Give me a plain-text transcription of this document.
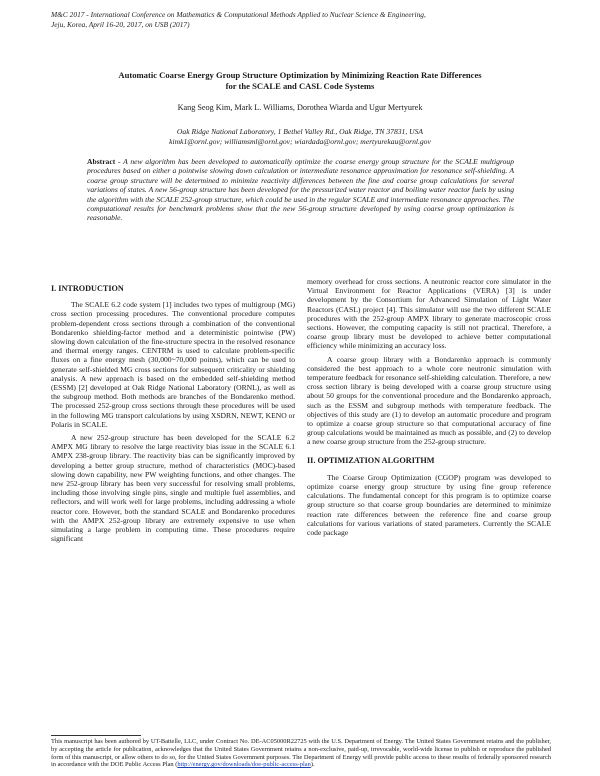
M&C 2017 - International Conference on Mathematics & Computational Methods Applied to Nuclear Science & Engineering,
Jeju, Korea, April 16-20, 2017, on USB (2017)
Automatic Coarse Energy Group Structure Optimization by Minimizing Reaction Rate Differences
for the SCALE and CASL Code Systems
Kang Seog Kim, Mark L. Williams, Dorothea Wiarda and Ugur Mertyurek
Oak Ridge National Laboratory, 1 Bethel Valley Rd., Oak Ridge, TN 37831, USA
kimk1@ornl.gov; williamsml@ornl.gov; wiardada@ornl.gov; mertyurekau@ornl.gov
Abstract - A new algorithm has been developed to automatically optimize the coarse energy group structure for the SCALE multigroup procedures based on either a pointwise slowing down calculation or intermediate resonance approximation for resonance self-shielding. A coarse group structure will be determined to minimize reactivity differences between the fine and coarse group calculations for several variations of states. A new 56-group structure has been developed for the pressurized water reactor and boiling water reactor fuels by using the algorithm with the SCALE 252-group structure, which could be used in the regular SCALE and intermediate resonance approaches. The computational results for benchmark problems show that the new 56-group structure developed by using coarse group optimization is reasonable.
I. INTRODUCTION

The SCALE 6.2 code system [1] includes two types of multigroup (MG) cross section processing procedures. The conventional procedure computes problem-dependent cross sections through a combination of the conventional Bondarenko shielding-factor method and a deterministic pointwise (PW) slowing down calculation of the fine-structure spectra in the resolved resonance and thermal energy ranges. CENTRM is used to calculate problem-specific fluxes on a fine energy mesh (30,000~70,000 points), which can be used to generate self-shielded MG cross sections for subsequent criticality or shielding analysis. A new approach is based on the embedded self-shielding method (ESSM) [2] developed at Oak Ridge National Laboratory (ORNL), as well as the subgroup method. Both methods are branches of the Bondarenko method. The processed 252-group cross sections through these procedures will be used in the following MG transport calculations by using XSDRN, NEWT, KENO or Polaris in SCALE.

A new 252-group structure has been developed for the SCALE 6.2 AMPX MG library to resolve the large reactivity bias issue in the SCALE 6.1 AMPX 238-group library. The reactivity bias can be significantly improved by developing a better group structure, method of characteristics (MOC)-based slowing down capability, new PW weighting functions, and other changes. The new 252-group library has been very successful for resolving small problems, including those involving single pins, single and multiple fuel assemblies, and reflectors, and will work well for large problems, including addressing a whole reactor core. However, both the standard SCALE and Bondarenko procedures with the AMPX 252-group library are extremely expensive to use when simulating a large problem in computing time. These procedures require significant

memory overhead for cross sections. A neutronic reactor core simulator in the Virtual Environment for Reactor Applications (VERA) [3] is under development by the Consortium for Advanced Simulation of Light Water Reactors (CASL) project [4]. This simulator will use the two different SCALE procedures with the 252-group AMPX library to generate macroscopic cross sections. However, the computing capacity is still not practical. Therefore, a coarse group library must be developed to achieve better computational efficiency while minimizing an accuracy loss.

A coarse group library with a Bondarenko approach is commonly considered the best approach to a whole core neutronic simulation with temperature feedback for resonance self-shielding calculation. Therefore, a new cross section library is being developed with a coarse group structure using about 50 groups for the conventional procedure and the Bondarenko approach, such as the ESSM and subgroup methods with temperature feedback. The objectives of this study are (1) to develop an automatic procedure and program to optimize a coarse group structure so that computational accuracy of fine group calculations would be maintained as much as possible, and (2) to develop a new coarse group structure from the 252-group structure.

II. OPTIMIZATION ALGORITHM

The Coarse Group Optimization (CGOP) program was developed to optimize coarse energy group structure by using fine group reference calculations. The fundamental concept for this program is to optimize coarse group structure so that coarse group boundaries are determined to minimize reaction rate differences between the reference fine and coarse group calculations for various variations of stated parameters. Currently the SCALE code package

This manuscript has been authored by UT-Battelle, LLC, under Contract No. DE-AC05000R22725 with the U.S. Department of Energy. The United States Government retains and the publisher, by accepting the article for publication, acknowledges that the United States Government retains a non-exclusive, paid-up, irrevocable, world-wide license to publish or reproduce the published form of this manuscript, or allow others to do so, for the United States Government purposes. The Department of Energy will provide public access to these results of federally sponsored research in accordance with the DOE Public Access Plan (http://energy.gov/downloads/doe-public-access-plan).
